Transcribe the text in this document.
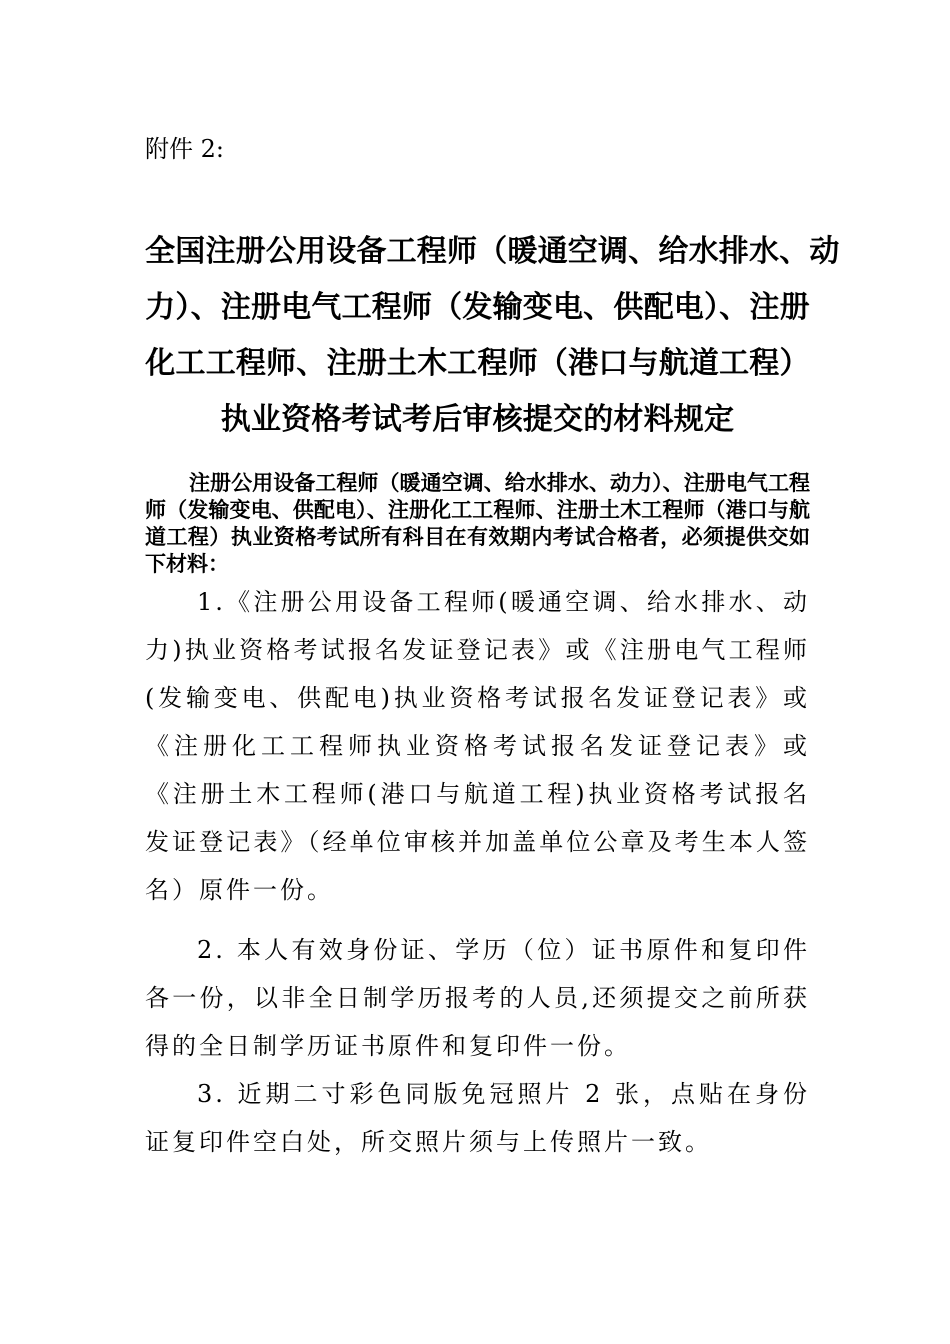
附件 2:
全国注册公用设备工程师（暖通空调、给水排水、动
力）、注册电气工程师（发输变电、供配电）、注册
化工工程师、注册土木工程师（港口与航道工程）
执业资格考试考后审核提交的材料规定
注册公用设备工程师（暖通空调、给水排水、动力）、注册电气工程师（发输变电、供配电）、注册化工工程师、注册土木工程师（港口与航道工程）执业资格考试所有科目在有效期内考试合格者，必须提供交如下材料：
1.《注册公用设备工程师(暖通空调、给水排水、动力)执业资格考试报名发证登记表》或《注册电气工程师(发输变电、供配电)执业资格考试报名发证登记表》或《注册化工工程师执业资格考试报名发证登记表》或《注册土木工程师(港口与航道工程)执业资格考试报名发证登记表》（经单位审核并加盖单位公章及考生本人签名）原件一份。
2. 本人有效身份证、学历（位）证书原件和复印件各一份，以非全日制学历报考的人员,还须提交之前所获得的全日制学历证书原件和复印件一份。
3. 近期二寸彩色同版免冠照片 2 张，点贴在身份证复印件空白处，所交照片须与上传照片一致。
